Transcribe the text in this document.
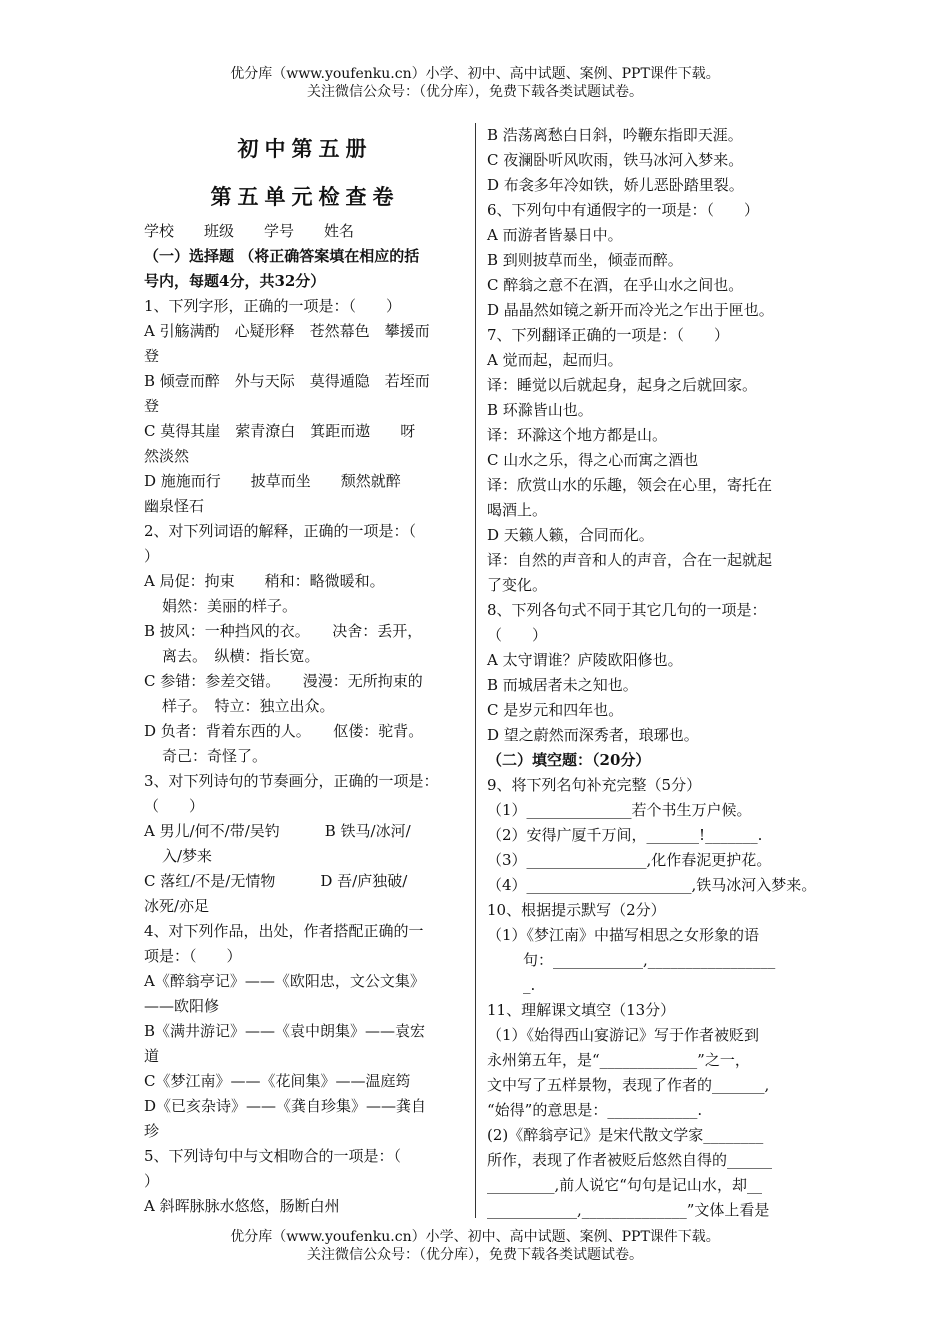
优分库（www.youfenku.cn）小学、初中、高中试题、案例、PPT课件下载。
关注微信公众号：（优分库），免费下载各类试题试卷。
初中第五册
第五单元检查卷
学校　　班级　　学号　　姓名
（一）选择题 （将正确答案填在相应的括
号内，每题4分，共32分）
1、下列字形，正确的一项是：（　　）
A 引觞满酌　心疑形释　苍然幕色　攀援而
登
B 倾壹而醉　外与天际　莫得遁隐　若垤而
登
C 莫得其崖　萦青潦白　箕距而遨　　呀
然淡然
D 施施而行　　披草而坐　　颓然就醉
幽泉怪石
2、对下列词语的解释，正确的一项是：（
）
A 局促：拘束　　稍和：略微暖和。
娟然：美丽的样子。
B 披风：一种挡风的衣。　　决舍：丢开，
离去。　纵横：指长宽。
C 参错：参差交错。　　漫漫：无所拘束的
样子。　特立：独立出众。
D 负者：背着东西的人。　　伛偻：驼背。
奇己：奇怪了。
3、对下列诗句的节奏画分，正确的一项是：
（　　）
A 男儿/何不/带/吴钓　　　B 铁马/冰河/
入/梦来
C 落红/不是/无情物　　　D 吾/庐独破/
冰死/亦足
4、对下列作品，出处，作者搭配正确的一
项是：（　　）
A《醉翁亭记》——《欧阳忠，文公文集》
——欧阳修
B《满井游记》——《袁中朗集》——袁宏
道
C《梦江南》——《花间集》——温庭筠
D《已亥杂诗》——《龚自珍集》——龚自
珍
5、下列诗句中与文相吻合的一项是：（
）
A 斜晖脉脉水悠悠，肠断白州
B 浩荡离愁白日斜，吟鞭东指即天涯。
C 夜澜卧听风吹雨，铁马冰河入梦来。
D 布衾多年冷如铁，娇儿恶卧踏里裂。
6、下列句中有通假字的一项是：（　　）
A 而游者皆暴日中。
B 到则披草而坐，倾壶而醉。
C 醉翁之意不在酒，在乎山水之间也。
D 晶晶然如镜之新开而冷光之乍出于匣也。
7、下列翻译正确的一项是：（　　）
A 觉而起，起而归。
译：睡觉以后就起身，起身之后就回家。
B 环滁皆山也。
译：环滁这个地方都是山。
C 山水之乐，得之心而寓之酒也
译：欣赏山水的乐趣，领会在心里，寄托在
喝酒上。
D 天籁人籁，合同而化。
译：自然的声音和人的声音，合在一起就起
了变化。
8、下列各句式不同于其它几句的一项是：
（　　）
A 太守谓谁？庐陵欧阳修也。
B 而城居者未之知也。
C 是岁元和四年也。
D 望之蔚然而深秀者，琅琊也。
（二）填空题：（20分）
9、将下列名句补充完整（5分）
（1）______________若个书生万户候。
（2）安得广厦千万间，_______!_______.
（3）________________,化作春泥更护花。
（4）______________________,铁马冰河入梦来。
10、根据提示默写（2分）
（1）《梦江南》中描写相思之女形象的语
句：____________,_________________
_.
11、理解课文填空（13分）
（1）《始得西山宴游记》写于作者被贬到
永州第五年，是“_____________”之一，
文中写了五样景物，表现了作者的_______,
“始得”的意思是：____________.
(2)《醉翁亭记》是宋代散文学家________
所作，表现了作者被贬后悠然自得的______
_________,前人说它“句句是记山水，却__
____________,______________”文体上看是
优分库（www.youfenku.cn）小学、初中、高中试题、案例、PPT课件下载。
关注微信公众号：（优分库），免费下载各类试题试卷。
